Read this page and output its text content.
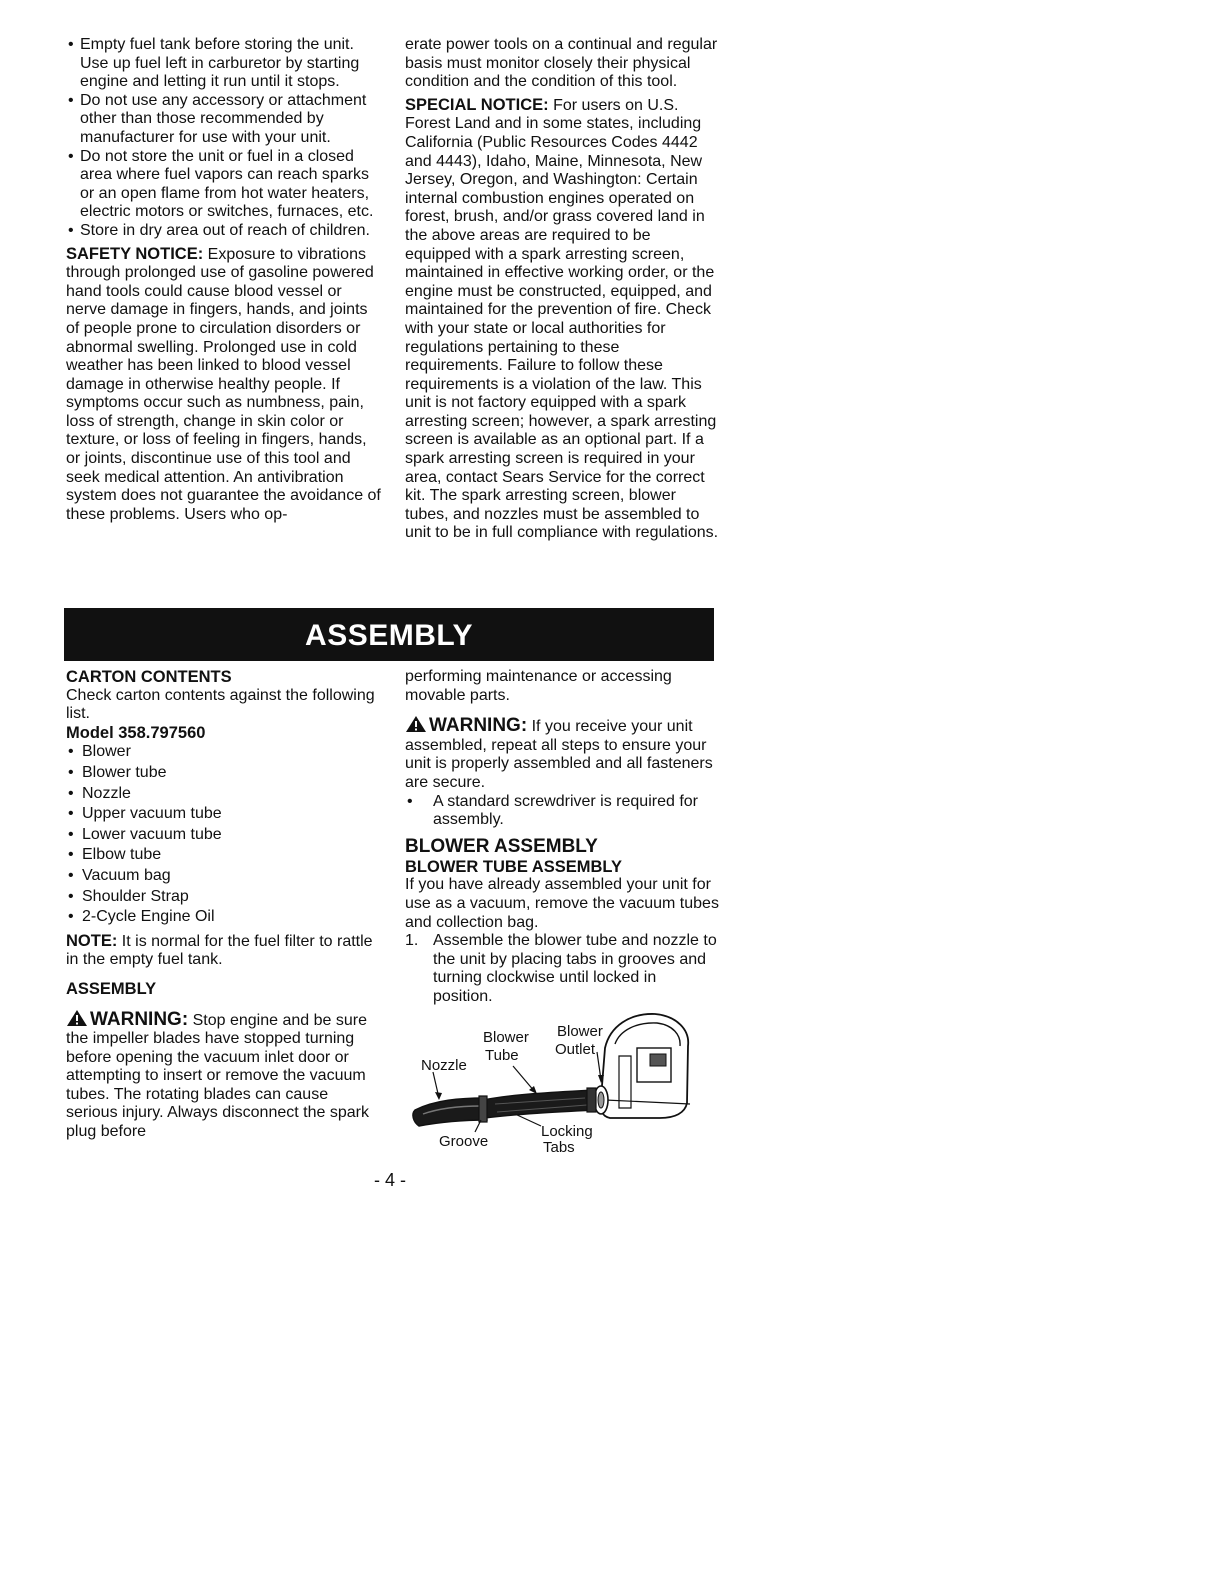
• Empty fuel tank before storing the unit. Use up fuel left in carburetor by starting engine and letting it run until it stops.
• Do not use any accessory or attachment other than those recommended by manufacturer for use with your unit.
• Do not store the unit or fuel in a closed area where fuel vapors can reach sparks or an open flame from hot water heaters, electric motors or switches, furnaces, etc.
• Store in dry area out of reach of children.

SAFETY NOTICE: Exposure to vibrations through prolonged use of gasoline powered hand tools could cause blood vessel or nerve damage in fingers, hands, and joints of people prone to circulation disorders or abnormal swelling. Prolonged use in cold weather has been linked to blood vessel damage in otherwise healthy people. If symptoms occur such as numbness, pain, loss of strength, change in skin color or texture, or loss of feeling in fingers, hands, or joints, discontinue use of this tool and seek medical attention. An antivibration system does not guarantee the avoidance of these problems. Users who op-

erate power tools on a continual and regular basis must monitor closely their physical condition and the condition of this tool.

SPECIAL NOTICE: For users on U.S. Forest Land and in some states, including California (Public Resources Codes 4442 and 4443), Idaho, Maine, Minnesota, New Jersey, Oregon, and Washington: Certain internal combustion engines operated on forest, brush, and/or grass covered land in the above areas are required to be equipped with a spark arresting screen, maintained in effective working order, or the engine must be constructed, equipped, and maintained for the prevention of fire. Check with your state or local authorities for regulations pertaining to these requirements. Failure to follow these requirements is a violation of the law. This unit is not factory equipped with a spark arresting screen; however, a spark arresting screen is available as an optional part. If a spark arresting screen is required in your area, contact Sears Service for the correct kit. The spark arresting screen, blower tubes, and nozzles must be assembled to unit to be in full compliance with regulations.

ASSEMBLY
CARTON CONTENTS

Check carton contents against the following list.

Model 358.797560
• Blower
• Blower tube
• Nozzle
• Upper vacuum tube
• Lower vacuum tube
• Elbow tube
• Vacuum bag
• Shoulder Strap
• 2-Cycle Engine Oil

NOTE: It is normal for the fuel filter to rattle in the empty fuel tank.

ASSEMBLY

WARNING: Stop engine and be sure the impeller blades have stopped turning before opening the vacuum inlet door or attempting to insert or remove the vacuum tubes. The rotating blades can cause serious injury. Always disconnect the spark plug before

performing maintenance or accessing movable parts.

WARNING: If you receive your unit assembled, repeat all steps to ensure your unit is properly assembled and all fasteners are secure.

• A standard screwdriver is required for assembly.
BLOWER ASSEMBLY
BLOWER TUBE ASSEMBLY

If you have already assembled your unit for use as a vacuum, remove the vacuum tubes and collection bag.

1. Assemble the blower tube and nozzle to the unit by placing tabs in grooves and turning clockwise until locked in position.
Blower
Tube
Blower
Outlet
Nozzle
Groove
Locking
Tabs
- 4 -
